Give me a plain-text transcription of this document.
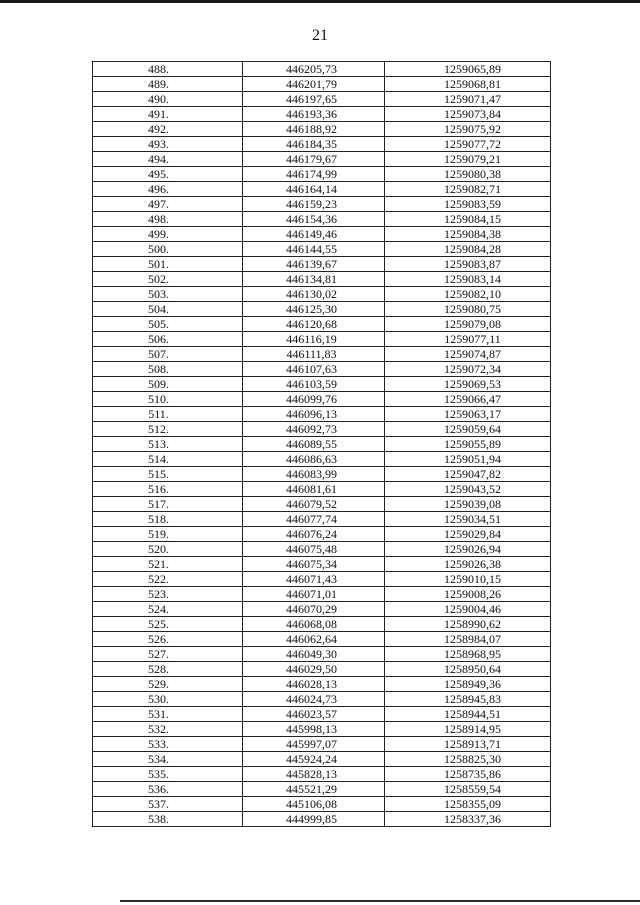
21
488.	446205,73	1259065,89
489.	446201,79	1259068,81
490.	446197,65	1259071,47
491.	446193,36	1259073,84
492.	446188,92	1259075,92
493.	446184,35	1259077,72
494.	446179,67	1259079,21
495.	446174,99	1259080,38
496.	446164,14	1259082,71
497.	446159,23	1259083,59
498.	446154,36	1259084,15
499.	446149,46	1259084,38
500.	446144,55	1259084,28
501.	446139,67	1259083,87
502.	446134,81	1259083,14
503.	446130,02	1259082,10
504.	446125,30	1259080,75
505.	446120,68	1259079,08
506.	446116,19	1259077,11
507.	446111,83	1259074,87
508.	446107,63	1259072,34
509.	446103,59	1259069,53
510.	446099,76	1259066,47
511.	446096,13	1259063,17
512.	446092,73	1259059,64
513.	446089,55	1259055,89
514.	446086,63	1259051,94
515.	446083,99	1259047,82
516.	446081,61	1259043,52
517.	446079,52	1259039,08
518.	446077,74	1259034,51
519.	446076,24	1259029,84
520.	446075,48	1259026,94
521.	446075,34	1259026,38
522.	446071,43	1259010,15
523.	446071,01	1259008,26
524.	446070,29	1259004,46
525.	446068,08	1258990,62
526.	446062,64	1258984,07
527.	446049,30	1258968,95
528.	446029,50	1258950,64
529.	446028,13	1258949,36
530.	446024,73	1258945,83
531.	446023,57	1258944,51
532.	445998,13	1258914,95
533.	445997,07	1258913,71
534.	445924,24	1258825,30
535.	445828,13	1258735,86
536.	445521,29	1258559,54
537.	445106,08	1258355,09
538.	444999,85	1258337,36
